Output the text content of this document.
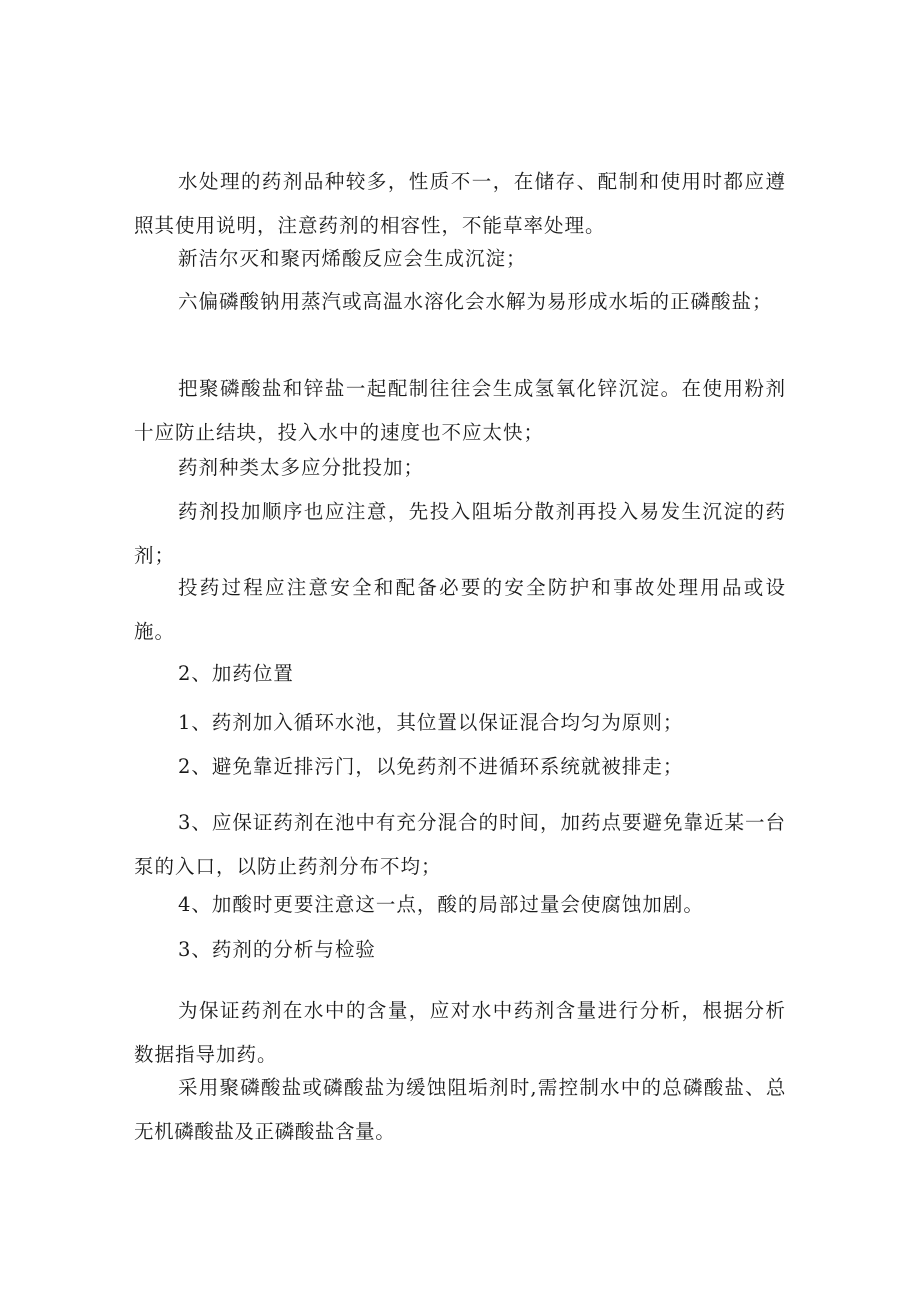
水处理的药剂品种较多，性质不一，在储存、配制和使用时都应遵照其使用说明，注意药剂的相容性，不能草率处理。

新洁尔灭和聚丙烯酸反应会生成沉淀；

六偏磷酸钠用蒸汽或高温水溶化会水解为易形成水垢的正磷酸盐；

把聚磷酸盐和锌盐一起配制往往会生成氢氧化锌沉淀。在使用粉剂十应防止结块，投入水中的速度也不应太快；

药剂种类太多应分批投加；

药剂投加顺序也应注意，先投入阻垢分散剂再投入易发生沉淀的药剂；

投药过程应注意安全和配备必要的安全防护和事故处理用品或设施。

2、加药位置

1、药剂加入循环水池，其位置以保证混合均匀为原则；

2、避免靠近排污门，以免药剂不进循环系统就被排走；

3、应保证药剂在池中有充分混合的时间，加药点要避免靠近某一台泵的入口，以防止药剂分布不均；

4、加酸时更要注意这一点，酸的局部过量会使腐蚀加剧。

3、药剂的分析与检验

为保证药剂在水中的含量，应对水中药剂含量进行分析，根据分析数据指导加药。

采用聚磷酸盐或磷酸盐为缓蚀阻垢剂时,需控制水中的总磷酸盐、总无机磷酸盐及正磷酸盐含量。
